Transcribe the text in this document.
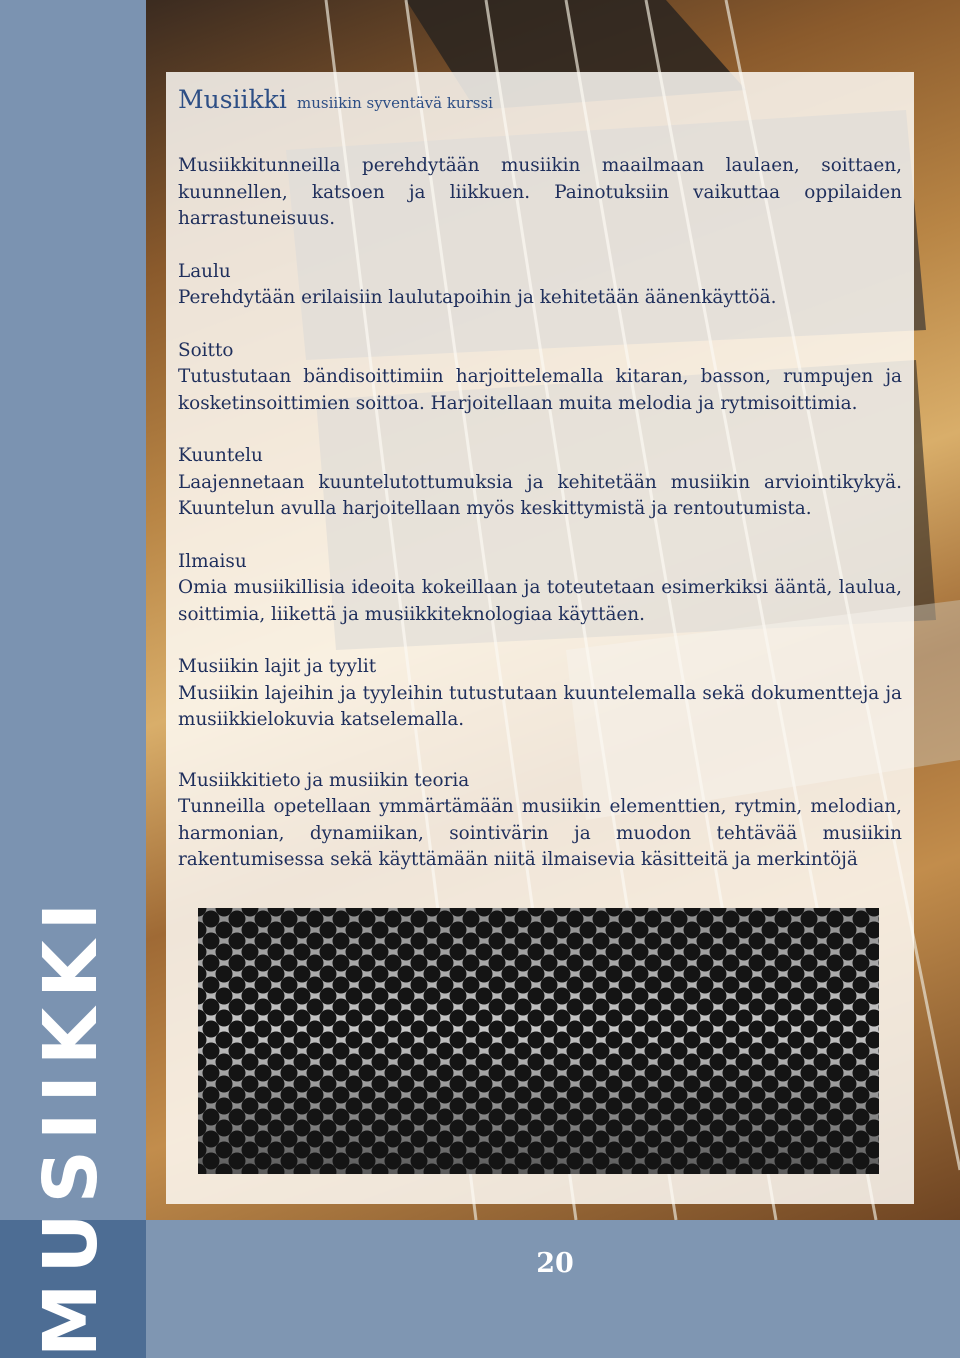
MUSIIKKI	20
Musiikki musiikin syventävä kurssi

Musiikkitunneilla perehdytään musiikin maailmaan laulaen, soittaen, kuunnellen, katsoen ja liikkuen. Painotuksiin vaikuttaa oppilaiden harrastuneisuus.

Laulu
Perehdytään erilaisiin laulutapoihin ja kehitetään äänenkäyttöä.

Soitto
Tutustutaan bändisoittimiin harjoittelemalla kitaran, basson, rumpujen ja kosketinsoittimien soittoa. Harjoitellaan muita melodia ja rytmisoittimia.

Kuuntelu
Laajennetaan kuuntelutottumuksia ja kehitetään musiikin arviointikykyä. Kuuntelun avulla harjoitellaan myös keskittymistä ja rentoutumista.

Ilmaisu
Omia musiikillisia ideoita kokeillaan ja toteutetaan esimerkiksi ääntä, laulua, soittimia, liikettä ja musiikkiteknologiaa käyttäen.

Musiikin lajit ja tyylit
Musiikin lajeihin ja tyyleihin tutustutaan kuuntelemalla sekä dokumentteja ja musiikkielokuvia katselemalla.

Musiikkitieto ja musiikin teoria
Tunneilla opetellaan ymmärtämään musiikin elementtien, rytmin, melodian, harmonian, dynamiikan, sointivärin ja muodon tehtävää musiikin rakentumisessa sekä käyttämään niitä ilmaisevia käsitteitä ja merkintöjä
